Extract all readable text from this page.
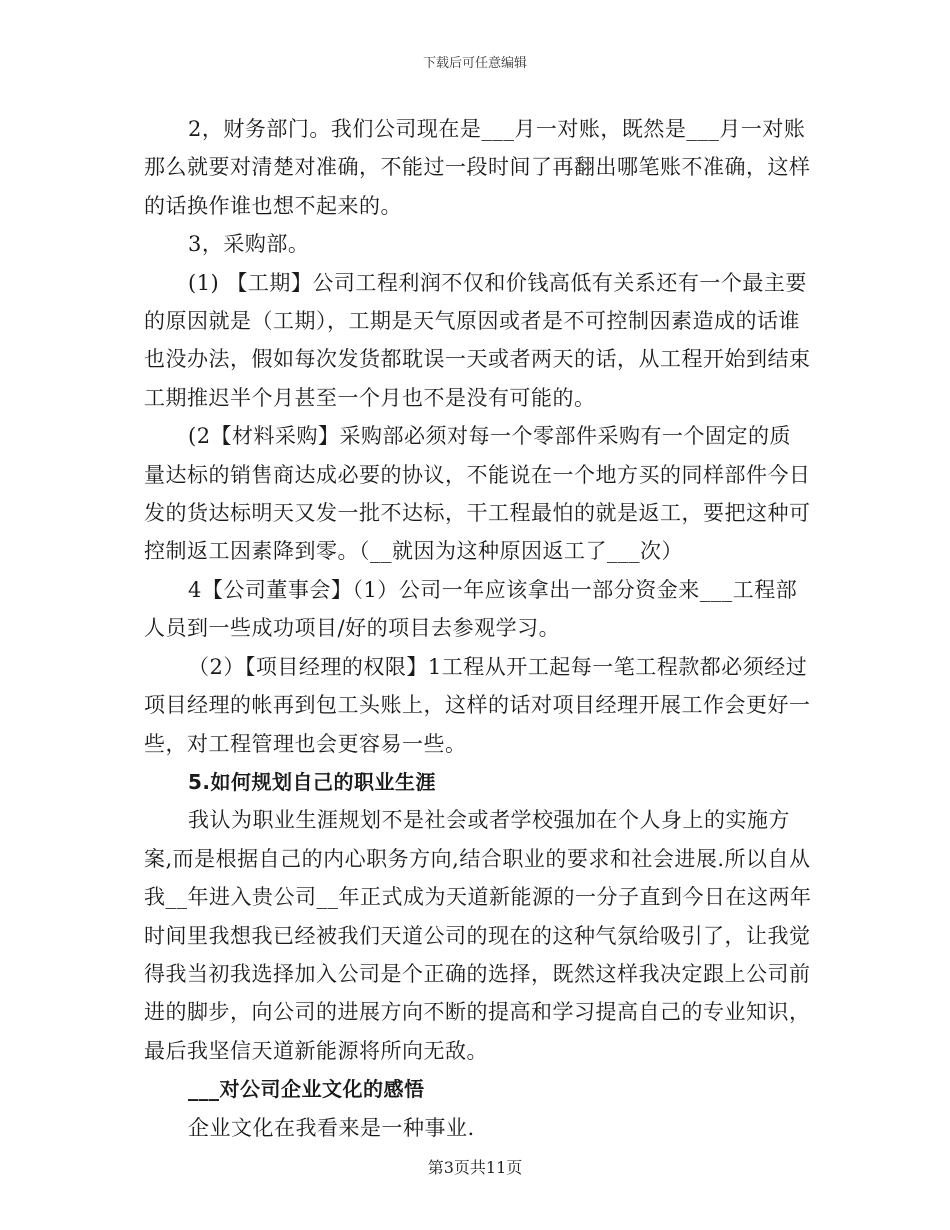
下载后可任意编辑

2，财务部门。我们公司现在是___月一对账，既然是___月一对账那么就要对清楚对准确，不能过一段时间了再翻出哪笔账不准确，这样的话换作谁也想不起来的。

3，采购部。

(1) 【工期】公司工程利润不仅和价钱高低有关系还有一个最主要的原因就是（工期），工期是天气原因或者是不可控制因素造成的话谁也没办法，假如每次发货都耽误一天或者两天的话，从工程开始到结束工期推迟半个月甚至一个月也不是没有可能的。

(2【材料采购】采购部必须对每一个零部件采购有一个固定的质量达标的销售商达成必要的协议，不能说在一个地方买的同样部件今日发的货达标明天又发一批不达标，干工程最怕的就是返工，要把这种可控制返工因素降到零。（__就因为这种原因返工了___次）

4【公司董事会】（1）公司一年应该拿出一部分资金来___工程部人员到一些成功项目/好的项目去参观学习。

（2）【项目经理的权限】1工程从开工起每一笔工程款都必须经过项目经理的帐再到包工头账上，这样的话对项目经理开展工作会更好一些，对工程管理也会更容易一些。

5.如何规划自己的职业生涯

我认为职业生涯规划不是社会或者学校强加在个人身上的实施方案,而是根据自己的内心职务方向,结合职业的要求和社会进展.所以自从我__年进入贵公司__年正式成为天道新能源的一分子直到今日在这两年时间里我想我已经被我们天道公司的现在的这种气氛给吸引了，让我觉得我当初我选择加入公司是个正确的选择，既然这样我决定跟上公司前进的脚步，向公司的进展方向不断的提高和学习提高自己的专业知识，最后我坚信天道新能源将所向无敌。

___对公司企业文化的感悟

企业文化在我看来是一种事业.

第3页共11页
